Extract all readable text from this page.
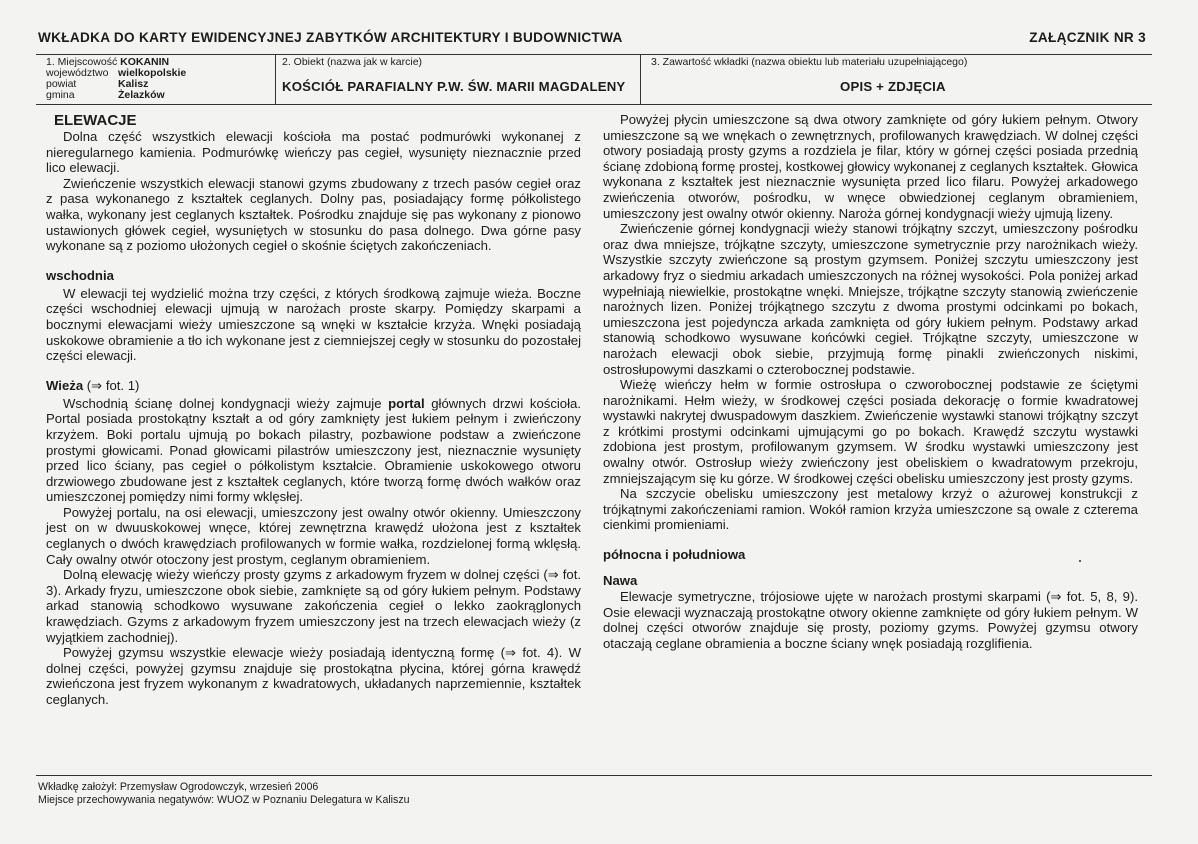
WKŁADKA DO KARTY EWIDENCYJNEJ ZABYTKÓW ARCHITEKTURY I BUDOWNICTWA	ZAŁĄCZNIK NR 3
1. Miejscowość KOKANIN
województwo wielkopolskie
powiat	Kalisz
gmina	Żelazków
2. Obiekt (nazwa jak w karcie)
KOŚCIÓŁ PARAFIALNY P.W. ŚW. MARII MAGDALENY
3. Zawartość wkładki (nazwa obiektu lub materiału uzupełniającego)
OPIS + ZDJĘCIA
ELEWACJE

Dolna część wszystkich elewacji kościoła ma postać podmurówki wykonanej z nieregularnego kamienia. Podmurówkę wieńczy pas cegieł, wysunięty nieznacznie przed lico elewacji.

Zwieńczenie wszystkich elewacji stanowi gzyms zbudowany z trzech pasów cegieł oraz z pasa wykonanego z kształtek ceglanych. Dolny pas, posiadający formę półkolistego wałka, wykonany jest ceglanych kształtek. Pośrodku znajduje się pas wykonany z pionowo ustawionych główek cegieł, wysuniętych w stosunku do pasa dolnego. Dwa górne pasy wykonane są z poziomo ułożonych cegieł o skośnie ściętych zakończeniach.

wschodnia

W elewacji tej wydzielić można trzy części, z których środkową zajmuje wieża. Boczne części wschodniej elewacji ujmują w narożach proste skarpy. Pomiędzy skarpami a bocznymi elewacjami wieży umieszczone są wnęki w kształcie krzyża. Wnęki posiadają uskokowe obramienie a tło ich wykonane jest z ciemniejszej cegły w stosunku do pozostałej części elewacji.

Wieża (⇒ fot. 1)

Wschodnią ścianę dolnej kondygnacji wieży zajmuje portal głównych drzwi kościoła. Portal posiada prostokątny kształt a od góry zamknięty jest łukiem pełnym i zwieńczony krzyżem. Boki portalu ujmują po bokach pilastry, pozbawione podstaw a zwieńczone prostymi głowicami. Ponad głowicami pilastrów umieszczony jest, nieznacznie wysunięty przed lico ściany, pas cegieł o półkolistym kształcie. Obramienie uskokowego otworu drzwiowego zbudowane jest z kształtek ceglanych, które tworzą formę dwóch wałków oraz umieszczonej pomiędzy nimi formy wklęsłej.

Powyżej portalu, na osi elewacji, umieszczony jest owalny otwór okienny. Umieszczony jest on w dwuuskokowej wnęce, której zewnętrzna krawędź ułożona jest z kształtek ceglanych o dwóch krawędziach profilowanych w formie wałka, rozdzielonej formą wklęsłą. Cały owalny otwór otoczony jest prostym, ceglanym obramieniem.

Dolną elewację wieży wieńczy prosty gzyms z arkadowym fryzem w dolnej części (⇒ fot. 3). Arkady fryzu, umieszczone obok siebie, zamknięte są od góry łukiem pełnym. Podstawy arkad stanowią schodkowo wysuwane zakończenia cegieł o lekko zaokrąglonych krawędziach. Gzyms z arkadowym fryzem umieszczony jest na trzech elewacjach wieży (z wyjątkiem zachodniej).

Powyżej gzymsu wszystkie elewacje wieży posiadają identyczną formę (⇒ fot. 4). W dolnej części, powyżej gzymsu znajduje się prostokątna płycina, której górna krawędź zwieńczona jest fryzem wykonanym z kwadratowych, układanych naprzemiennie, kształtek ceglanych.

Powyżej płycin umieszczone są dwa otwory zamknięte od góry łukiem pełnym. Otwory umieszczone są we wnękach o zewnętrznych, profilowanych krawędziach. W dolnej części otwory posiadają prosty gzyms a rozdziela je filar, który w górnej części posiada przednią ścianę zdobioną formę prostej, kostkowej głowicy wykonanej z ceglanych kształtek. Głowica wykonana z kształtek jest nieznacznie wysunięta przed lico filaru. Powyżej arkadowego zwieńczenia otworów, pośrodku, w wnęce obwiedzionej ceglanym obramieniem, umieszczony jest owalny otwór okienny. Naroża górnej kondygnacji wieży ujmują lizeny.

Zwieńczenie górnej kondygnacji wieży stanowi trójkątny szczyt, umieszczony pośrodku oraz dwa mniejsze, trójkątne szczyty, umieszczone symetrycznie przy narożnikach wieży. Wszystkie szczyty zwieńczone są prostym gzymsem. Poniżej szczytu umieszczony jest arkadowy fryz o siedmiu arkadach umieszczonych na różnej wysokości. Pola poniżej arkad wypełniają niewielkie, prostokątne wnęki. Mniejsze, trójkątne szczyty stanowią zwieńczenie narożnych lizen. Poniżej trójkątnego szczytu z dwoma prostymi odcinkami po bokach, umieszczona jest pojedyncza arkada zamknięta od góry łukiem pełnym. Podstawy arkad stanowią schodkowo wysuwane końcówki cegieł. Trójkątne szczyty, umieszczone w narożach elewacji obok siebie, przyjmują formę pinakli zwieńczonych niskimi, ostrosłupowymi daszkami o czterobocznej podstawie.

Wieżę wieńczy hełm w formie ostrosłupa o czworobocznej podstawie ze ściętymi narożnikami. Hełm wieży, w środkowej części posiada dekorację o formie kwadratowej wystawki nakrytej dwuspadowym daszkiem. Zwieńczenie wystawki stanowi trójkątny szczyt z krótkimi prostymi odcinkami ujmującymi go po bokach. Krawędź szczytu wystawki zdobiona jest prostym, profilowanym gzymsem. W środku wystawki umieszczony jest owalny otwór. Ostrosłup wieży zwieńczony jest obeliskiem o kwadratowym przekroju, zmniejszającym się ku górze. W środkowej części obelisku umieszczony jest prosty gzyms.

Na szczycie obelisku umieszczony jest metalowy krzyż o ażurowej konstrukcji z trójkątnymi zakończeniami ramion. Wokół ramion krzyża umieszczone są owale z czterema cienkimi promieniami.

północna i południowa
Nawa

Elewacje symetryczne, trójosiowe ujęte w narożach prostymi skarpami (⇒ fot. 5, 8, 9). Osie elewacji wyznaczają prostokątne otwory okienne zamknięte od góry łukiem pełnym. W dolnej części otworów znajduje się prosty, poziomy gzyms. Powyżej gzymsu otwory otaczają ceglane obramienia a boczne ściany wnęk posiadają rozglifienia.

Wkładkę założył: Przemysław Ogrodowczyk, wrzesień 2006
Miejsce przechowywania negatywów: WUOZ w Poznaniu Delegatura w Kaliszu
